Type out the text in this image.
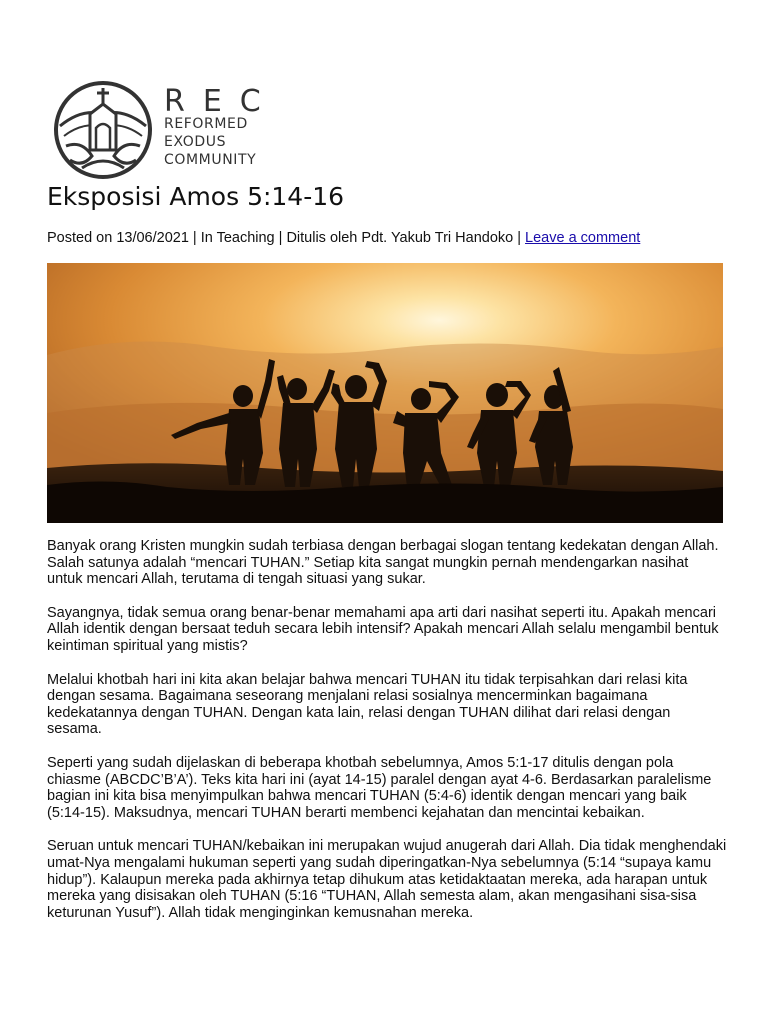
REC
REFORMED
EXODUS
COMMUNITY
Eksposisi Amos 5:14-16
Posted on 13/06/2021 | In Teaching | Ditulis oleh Pdt. Yakub Tri Handoko | Leave a comment

Banyak orang Kristen mungkin sudah terbiasa dengan berbagai slogan tentang kedekatan dengan Allah. Salah satunya adalah “mencari TUHAN.” Setiap kita sangat mungkin pernah mendengarkan nasihat untuk mencari Allah, terutama di tengah situasi yang sukar.

Sayangnya, tidak semua orang benar-benar memahami apa arti dari nasihat seperti itu. Apakah mencari Allah identik dengan bersaat teduh secara lebih intensif? Apakah mencari Allah selalu mengambil bentuk keintiman spiritual yang mistis?

Melalui khotbah hari ini kita akan belajar bahwa mencari TUHAN itu tidak terpisahkan dari relasi kita dengan sesama. Bagaimana seseorang menjalani relasi sosialnya mencerminkan bagaimana kedekatannya dengan TUHAN. Dengan kata lain, relasi dengan TUHAN dilihat dari relasi dengan sesama.

Seperti yang sudah dijelaskan di beberapa khotbah sebelumnya, Amos 5:1-17 ditulis dengan pola chiasme (ABCDC’B’A’). Teks kita hari ini (ayat 14-15) paralel dengan ayat 4-6. Berdasarkan paralelisme bagian ini kita bisa menyimpulkan bahwa mencari TUHAN (5:4-6) identik dengan mencari yang baik (5:14-15). Maksudnya, mencari TUHAN berarti membenci kejahatan dan mencintai kebaikan.

Seruan untuk mencari TUHAN/kebaikan ini merupakan wujud anugerah dari Allah. Dia tidak menghendaki umat-Nya mengalami hukuman seperti yang sudah diperingatkan-Nya sebelumnya (5:14 “supaya kamu hidup”). Kalaupun mereka pada akhirnya tetap dihukum atas ketidaktaatan mereka, ada harapan untuk mereka yang disisakan oleh TUHAN (5:16 “TUHAN, Allah semesta alam, akan mengasihani sisa-sisa keturunan Yusuf”). Allah tidak menginginkan kemusnahan mereka.
